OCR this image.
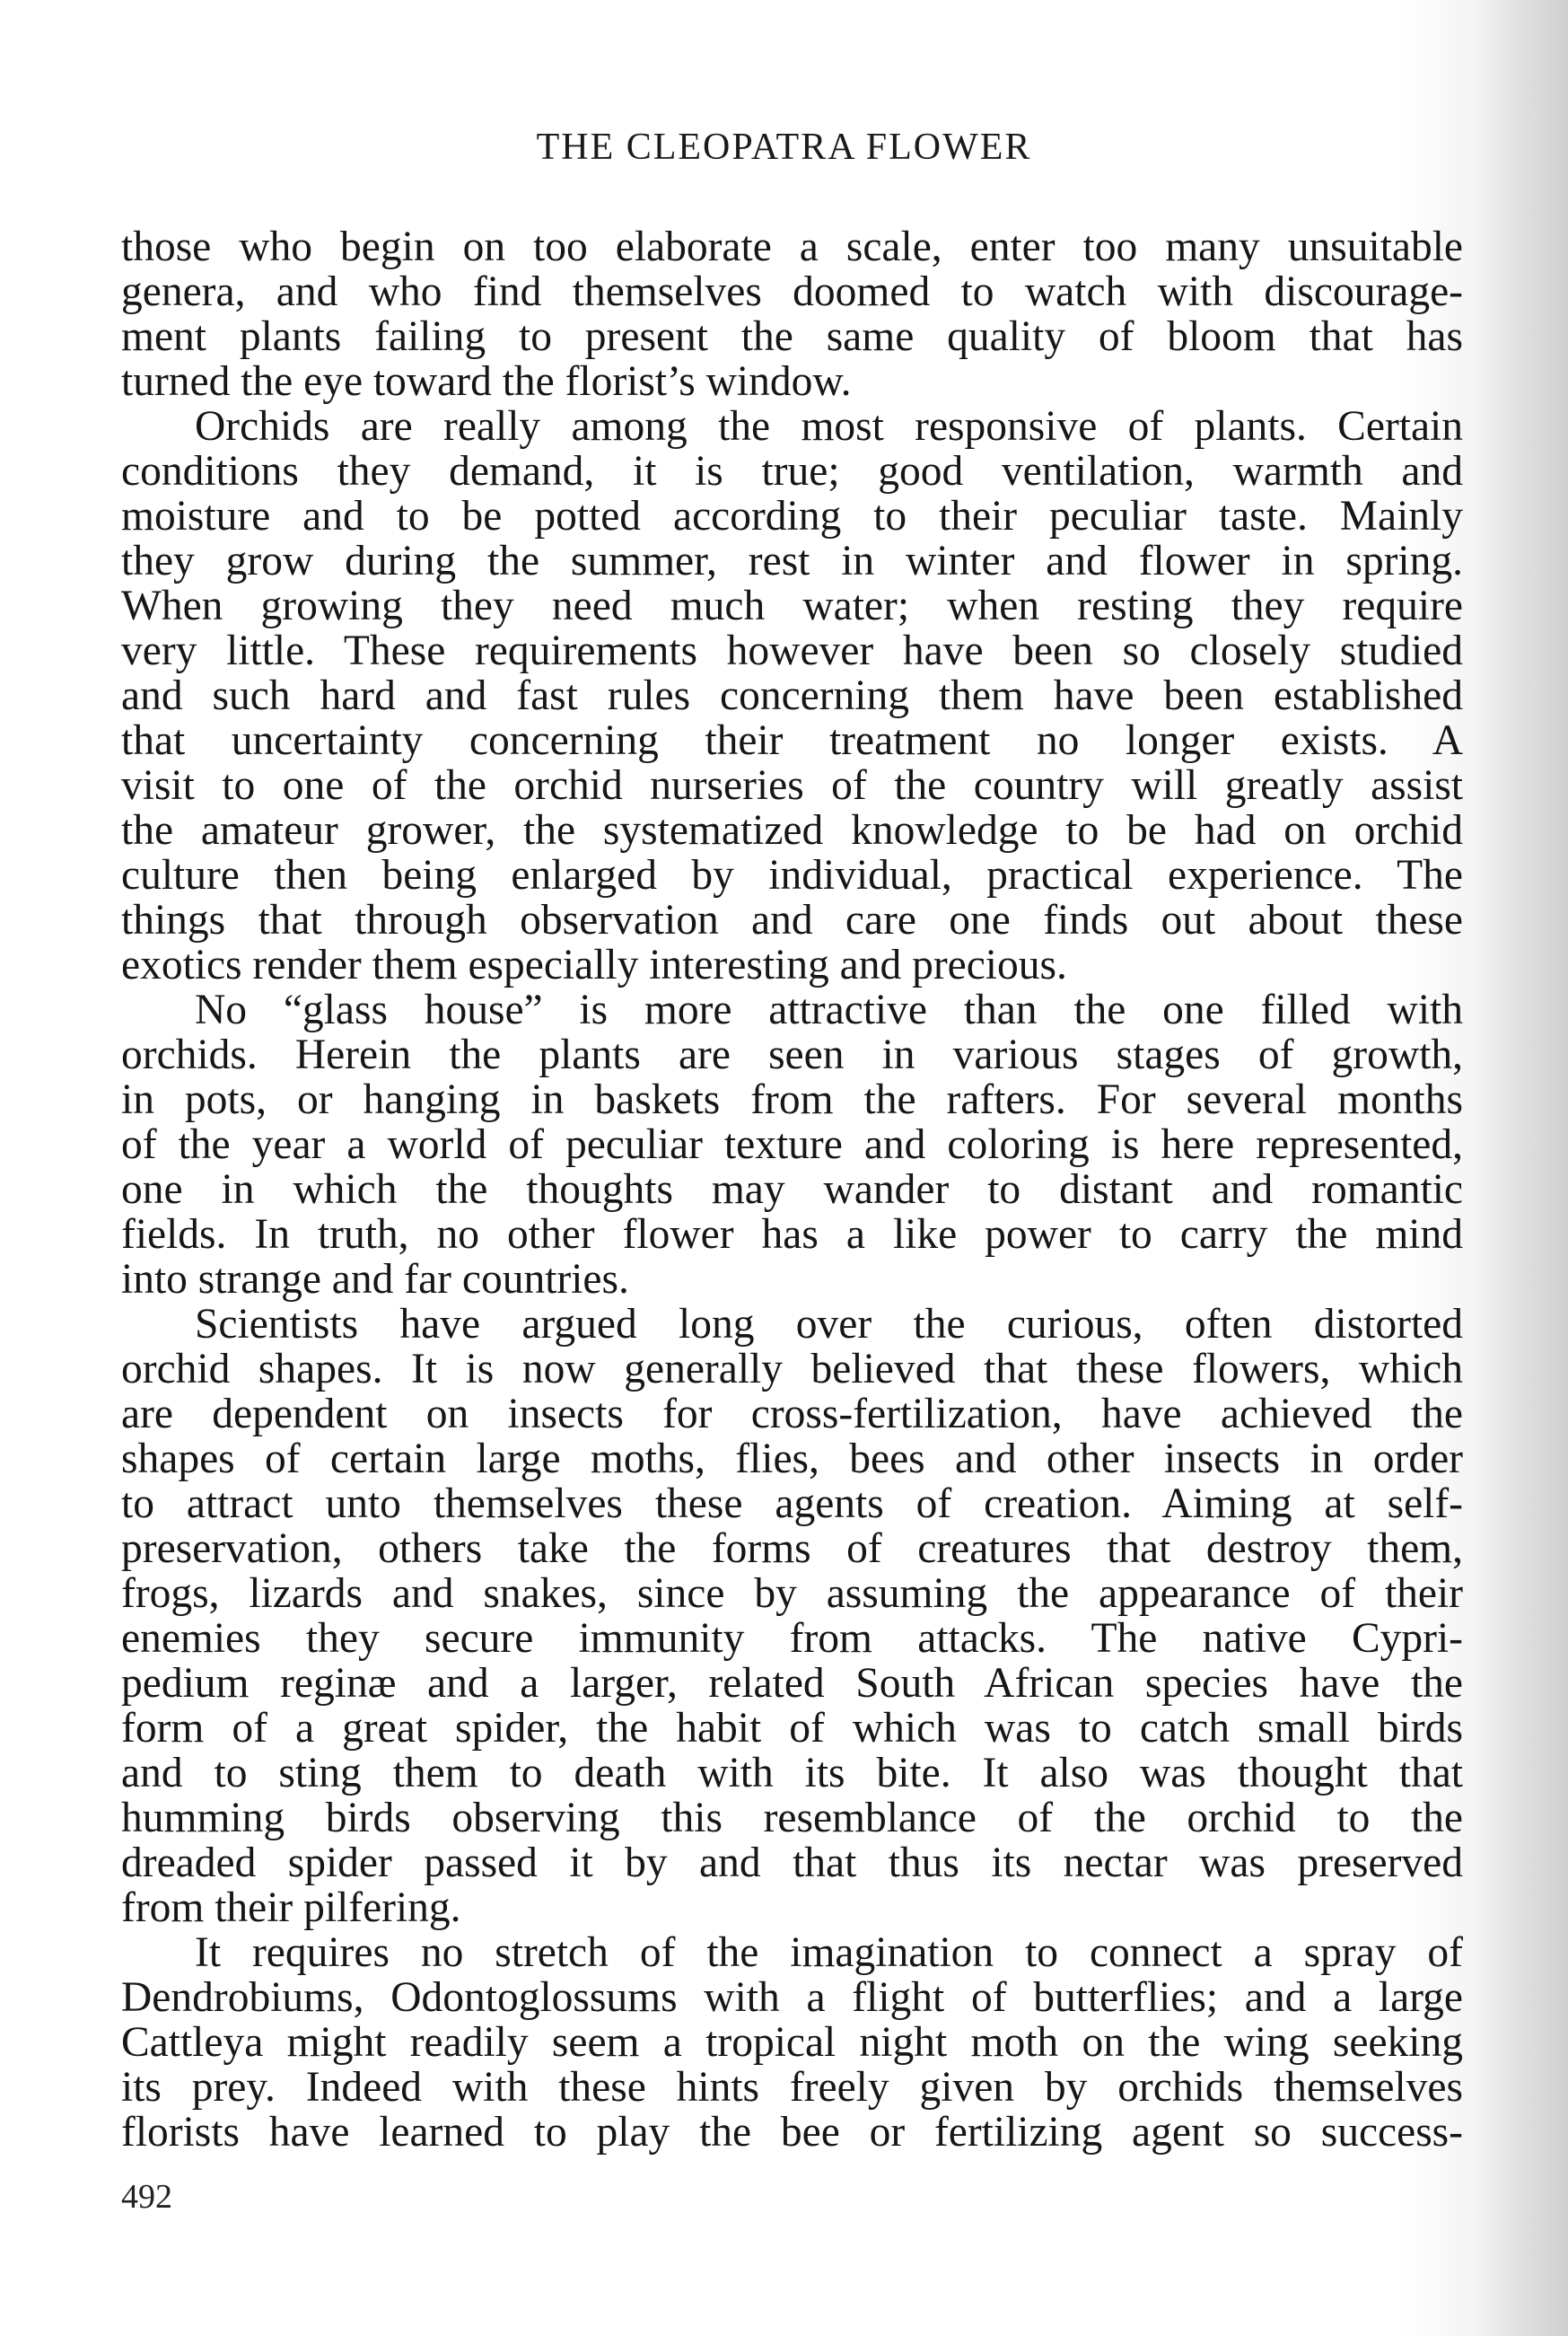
THE CLEOPATRA FLOWER
those who begin on too elaborate a scale, enter too many unsuitable
genera, and who find themselves doomed to watch with discourage-
ment plants failing to present the same quality of bloom that has
turned the eye toward the florist’s window.
Orchids are really among the most responsive of plants. Certain
conditions they demand, it is true; good ventilation, warmth and
moisture and to be potted according to their peculiar taste. Mainly
they grow during the summer, rest in winter and flower in spring.
When growing they need much water; when resting they require
very little. These requirements however have been so closely studied
and such hard and fast rules concerning them have been established
that uncertainty concerning their treatment no longer exists. A
visit to one of the orchid nurseries of the country will greatly assist
the amateur grower, the systematized knowledge to be had on orchid
culture then being enlarged by individual, practical experience. The
things that through observation and care one finds out about these
exotics render them especially interesting and precious.
No “glass house” is more attractive than the one filled with
orchids. Herein the plants are seen in various stages of growth,
in pots, or hanging in baskets from the rafters. For several months
of the year a world of peculiar texture and coloring is here represented,
one in which the thoughts may wander to distant and romantic
fields. In truth, no other flower has a like power to carry the mind
into strange and far countries.
Scientists have argued long over the curious, often distorted
orchid shapes. It is now generally believed that these flowers, which
are dependent on insects for cross-fertilization, have achieved the
shapes of certain large moths, flies, bees and other insects in order
to attract unto themselves these agents of creation. Aiming at self-
preservation, others take the forms of creatures that destroy them,
frogs, lizards and snakes, since by assuming the appearance of their
enemies they secure immunity from attacks. The native Cypri-
pedium reginæ and a larger, related South African species have the
form of a great spider, the habit of which was to catch small birds
and to sting them to death with its bite. It also was thought that
humming birds observing this resemblance of the orchid to the
dreaded spider passed it by and that thus its nectar was preserved
from their pilfering.
It requires no stretch of the imagination to connect a spray of
Dendrobiums, Odontoglossums with a flight of butterflies; and a large
Cattleya might readily seem a tropical night moth on the wing seeking
its prey. Indeed with these hints freely given by orchids themselves
florists have learned to play the bee or fertilizing agent so success-

492
